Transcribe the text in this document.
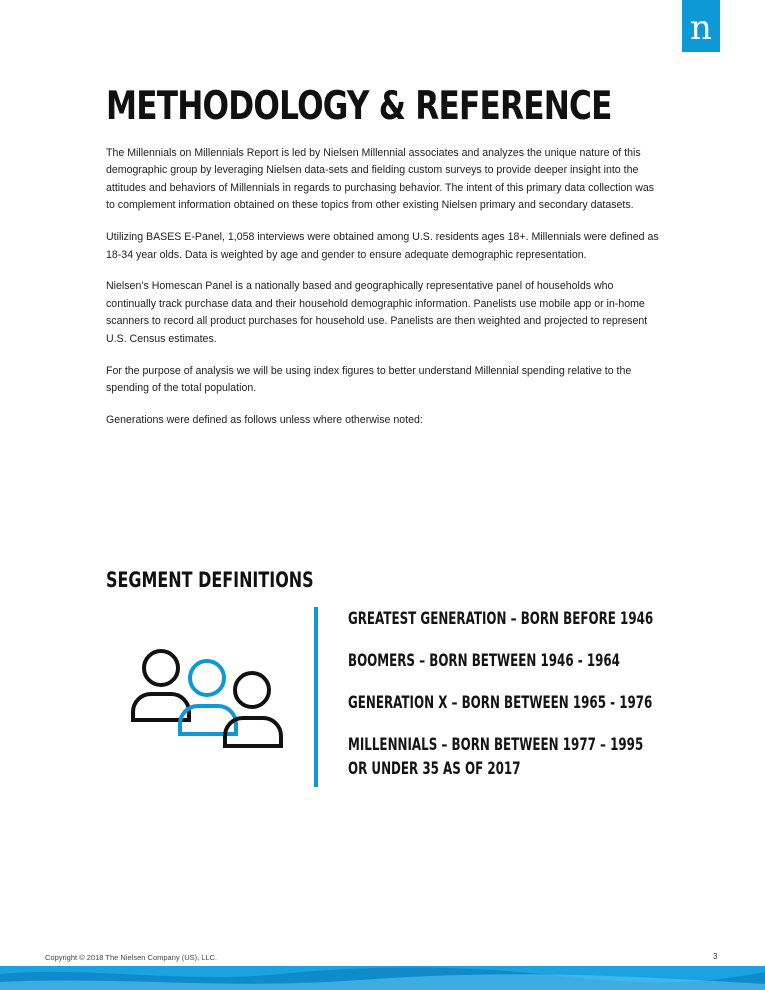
n
METHODOLOGY & REFERENCE

The Millennials on Millennials Report is led by Nielsen Millennial associates and analyzes the unique nature of this demographic group by leveraging Nielsen data-sets and fielding custom surveys to provide deeper insight into the attitudes and behaviors of Millennials in regards to purchasing behavior. The intent of this primary data collection was to complement information obtained on these topics from other existing Nielsen primary and secondary datasets.

Utilizing BASES E-Panel, 1,058 interviews were obtained among U.S. residents ages 18+. Millennials were defined as 18-34 year olds. Data is weighted by age and gender to ensure adequate demographic representation.

Nielsen’s Homescan Panel is a nationally based and geographically representative panel of households who continually track purchase data and their household demographic information. Panelists use mobile app or in-home scanners to record all product purchases for household use. Panelists are then weighted and projected to represent U.S. Census estimates.

For the purpose of analysis we will be using index figures to better understand Millennial spending relative to the spending of the total population.

Generations were defined as follows unless where otherwise noted:

SEGMENT DEFINITIONS
GREATEST GENERATION – BORN BEFORE 1946
BOOMERS – BORN BETWEEN 1946 - 1964
GENERATION X – BORN BETWEEN 1965 - 1976
MILLENNIALS – BORN BETWEEN 1977 – 1995 OR UNDER 35 AS OF 2017
Copyright © 2018 The Nielsen Company (US), LLC.	3
